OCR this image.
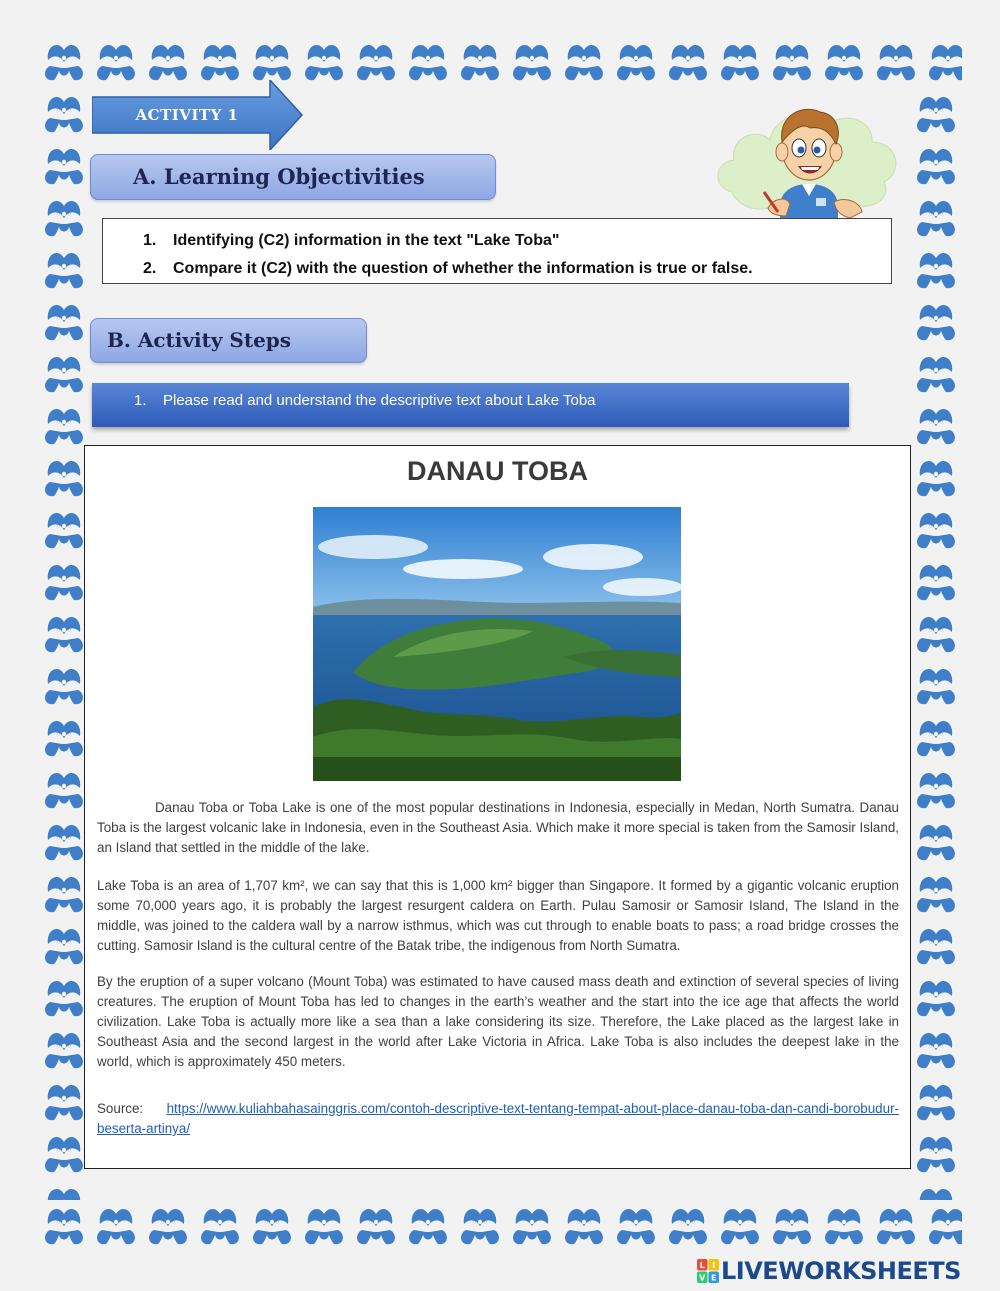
ACTIVITY 1
A. Learning Objectivities
1. Identifying (C2) information in the text "Lake Toba"
2. Compare it (C2) with the question of whether the information is true or false.
B. Activity Steps
1. Please read and understand the descriptive text about Lake Toba
DANAU TOBA

Danau Toba or Toba Lake is one of the most popular destinations in Indonesia, especially in Medan, North Sumatra. Danau Toba is the largest volcanic lake in Indonesia, even in the Southeast Asia. Which make it more special is taken from the Samosir Island, an Island that settled in the middle of the lake.

Lake Toba is an area of 1,707 km², we can say that this is 1,000 km² bigger than Singapore. It formed by a gigantic volcanic eruption some 70,000 years ago, it is probably the largest resurgent caldera on Earth. Pulau Samosir or Samosir Island, The Island in the middle, was joined to the caldera wall by a narrow isthmus, which was cut through to enable boats to pass; a road bridge crosses the cutting. Samosir Island is the cultural centre of the Batak tribe, the indigenous from North Sumatra.

By the eruption of a super volcano (Mount Toba) was estimated to have caused mass death and extinction of several species of living creatures. The eruption of Mount Toba has led to changes in the earth’s weather and the start into the ice age that affects the world civilization. Lake Toba is actually more like a sea than a lake considering its size. Therefore, the Lake placed as the largest lake in Southeast Asia and the second largest in the world after Lake Victoria in Africa. Lake Toba is also includes the deepest lake in the world, which is approximately 450 meters.

Source: https://www.kuliahbahasainggris.com/contoh-descriptive-text-tentang-tempat-about-place-danau-toba-dan-candi-borobudur-beserta-artinya/

L I
V E LIVEWORKSHEETS
